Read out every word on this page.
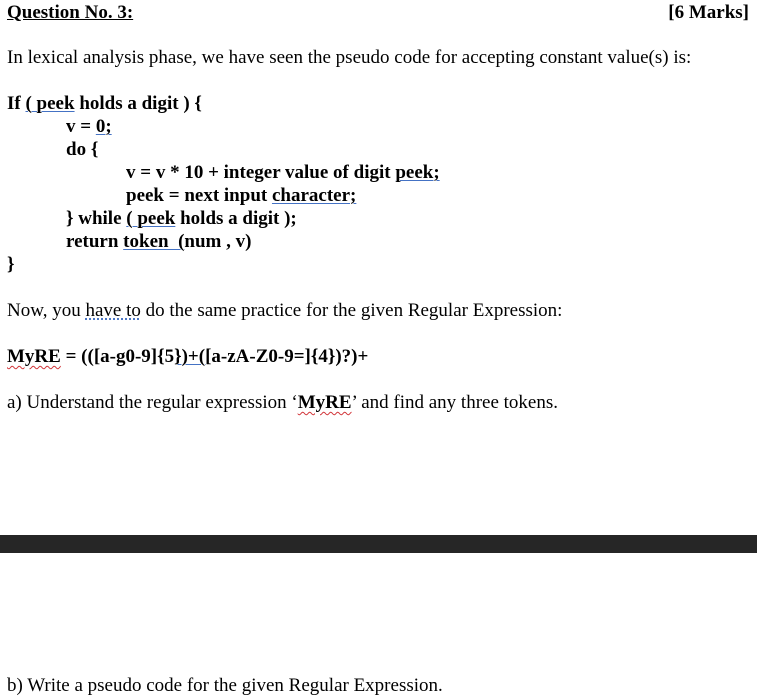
Question No. 3:	[6 Marks]
In lexical analysis phase, we have seen the pseudo code for accepting constant value(s) is:
If ( peek holds a digit ) {
v = 0;
do {
v = v * 10 + integer value of digit peek;
peek = next input character;
} while ( peek holds a digit );
return token  (num , v)
}
Now, you have to do the same practice for the given Regular Expression:
MyRE = (([a-g0-9]{5})+([a-zA-Z0-9=]{4})?)+
a) Understand the regular expression ‘MyRE’ and find any three tokens.
b) Write a pseudo code for the given Regular Expression.
